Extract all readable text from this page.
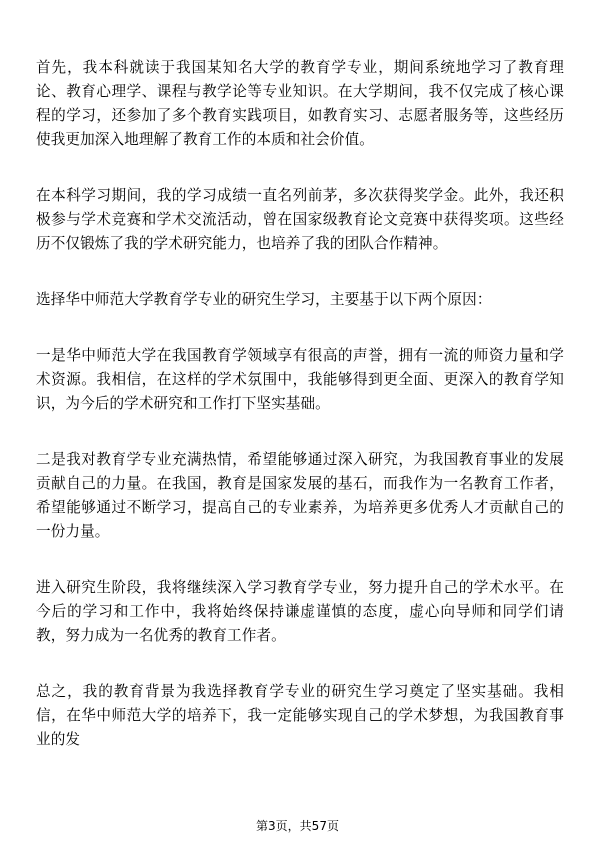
首先，我本科就读于我国某知名大学的教育学专业，期间系统地学习了教育理论、教育心理学、课程与教学论等专业知识。在大学期间，我不仅完成了核心课程的学习，还参加了多个教育实践项目，如教育实习、志愿者服务等，这些经历使我更加深入地理解了教育工作的本质和社会价值。

在本科学习期间，我的学习成绩一直名列前茅，多次获得奖学金。此外，我还积极参与学术竞赛和学术交流活动，曾在国家级教育论文竞赛中获得奖项。这些经历不仅锻炼了我的学术研究能力，也培养了我的团队合作精神。

选择华中师范大学教育学专业的研究生学习，主要基于以下两个原因：

一是华中师范大学在我国教育学领域享有很高的声誉，拥有一流的师资力量和学术资源。我相信，在这样的学术氛围中，我能够得到更全面、更深入的教育学知识，为今后的学术研究和工作打下坚实基础。

二是我对教育学专业充满热情，希望能够通过深入研究，为我国教育事业的发展贡献自己的力量。在我国，教育是国家发展的基石，而我作为一名教育工作者，希望能够通过不断学习，提高自己的专业素养，为培养更多优秀人才贡献自己的一份力量。

进入研究生阶段，我将继续深入学习教育学专业，努力提升自己的学术水平。在今后的学习和工作中，我将始终保持谦虚谨慎的态度，虚心向导师和同学们请教，努力成为一名优秀的教育工作者。

总之，我的教育背景为我选择教育学专业的研究生学习奠定了坚实基础。我相信，在华中师范大学的培养下，我一定能够实现自己的学术梦想，为我国教育事业的发

第3页，共57页
